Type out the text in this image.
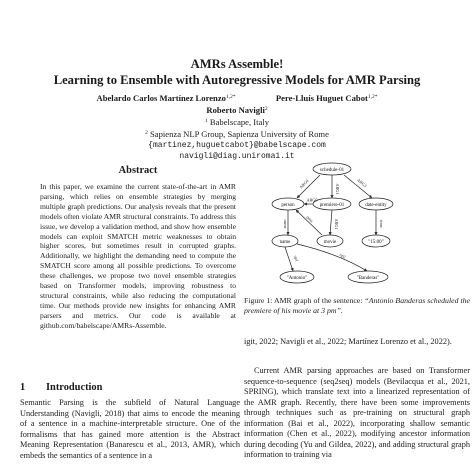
AMRs Assemble!
Learning to Ensemble with Autoregressive Models for AMR Parsing
Abelardo Carlos Martínez Lorenzo$^{1,2*}$	Pere-Lluís Huguet Cabot$^{1,2*}$
Roberto Navigli$^2$
$^1$ Babelscape, Italy
$^2$ Sapienza NLP Group, Sapienza University of Rome
{martinez,huguetcabot}@babelscape.com
navigli@diag.uniroma1.it
Abstract
In this paper, we examine the current state-of-the-art in AMR parsing, which relies on ensemble strategies by merging multiple graph predictions. Our analysis reveals that the present models often violate AMR structural constraints. To address this issue, we develop a validation method, and show how ensemble models can exploit SMATCH metric weaknesses to obtain higher scores, but sometimes result in corrupted graphs. Additionally, we highlight the demanding need to compute the SMATCH score among all possible predictions. To overcome these challenges, we propose two novel ensemble strategies based on Transformer models, improving robustness to structural constraints, while also reducing the computational time. Our methods provide new insights for enhancing AMR parsers and metrics. Our code is available at github.com/babelscape/AMRs-Assemble.
1 Introduction
Semantic Parsing is the subfield of Natural Language Understanding (Navigli, 2018) that aims to encode the meaning of a sentence in a machine-interpretable structure. One of the formalisms that has gained more attention is the Abstract Meaning Representation (Banarescu et al., 2013, AMR), which embeds the semantics of a sentence in a
schedule-01
person	premiere-01	date-entity
name	movie	"15:00"
"Antonio"	"Banderas"
ARG0	ARG1
ARG3
ARG0
ARG1
name
poss
time
op1	op2
Figure 1: AMR graph of the sentence: “Antonio Banderas scheduled the premiere of his movie at 3 pm”.
igit, 2022; Navigli et al., 2022; Martínez Lorenzo et al., 2022).
Current AMR parsing approaches are based on Transformer sequence-to-sequence (seq2seq) models (Bevilacqua et al., 2021, SPRING), which translate text into a linearized representation of the AMR graph. Recently, there have been some improvements through techniques such as pre-training on structural graph information (Bai et al., 2022), incorporating shallow semantic information (Chen et al., 2022), modifying ancestor information during decoding (Yu and Gildea, 2022), and adding structural graph information to training via
